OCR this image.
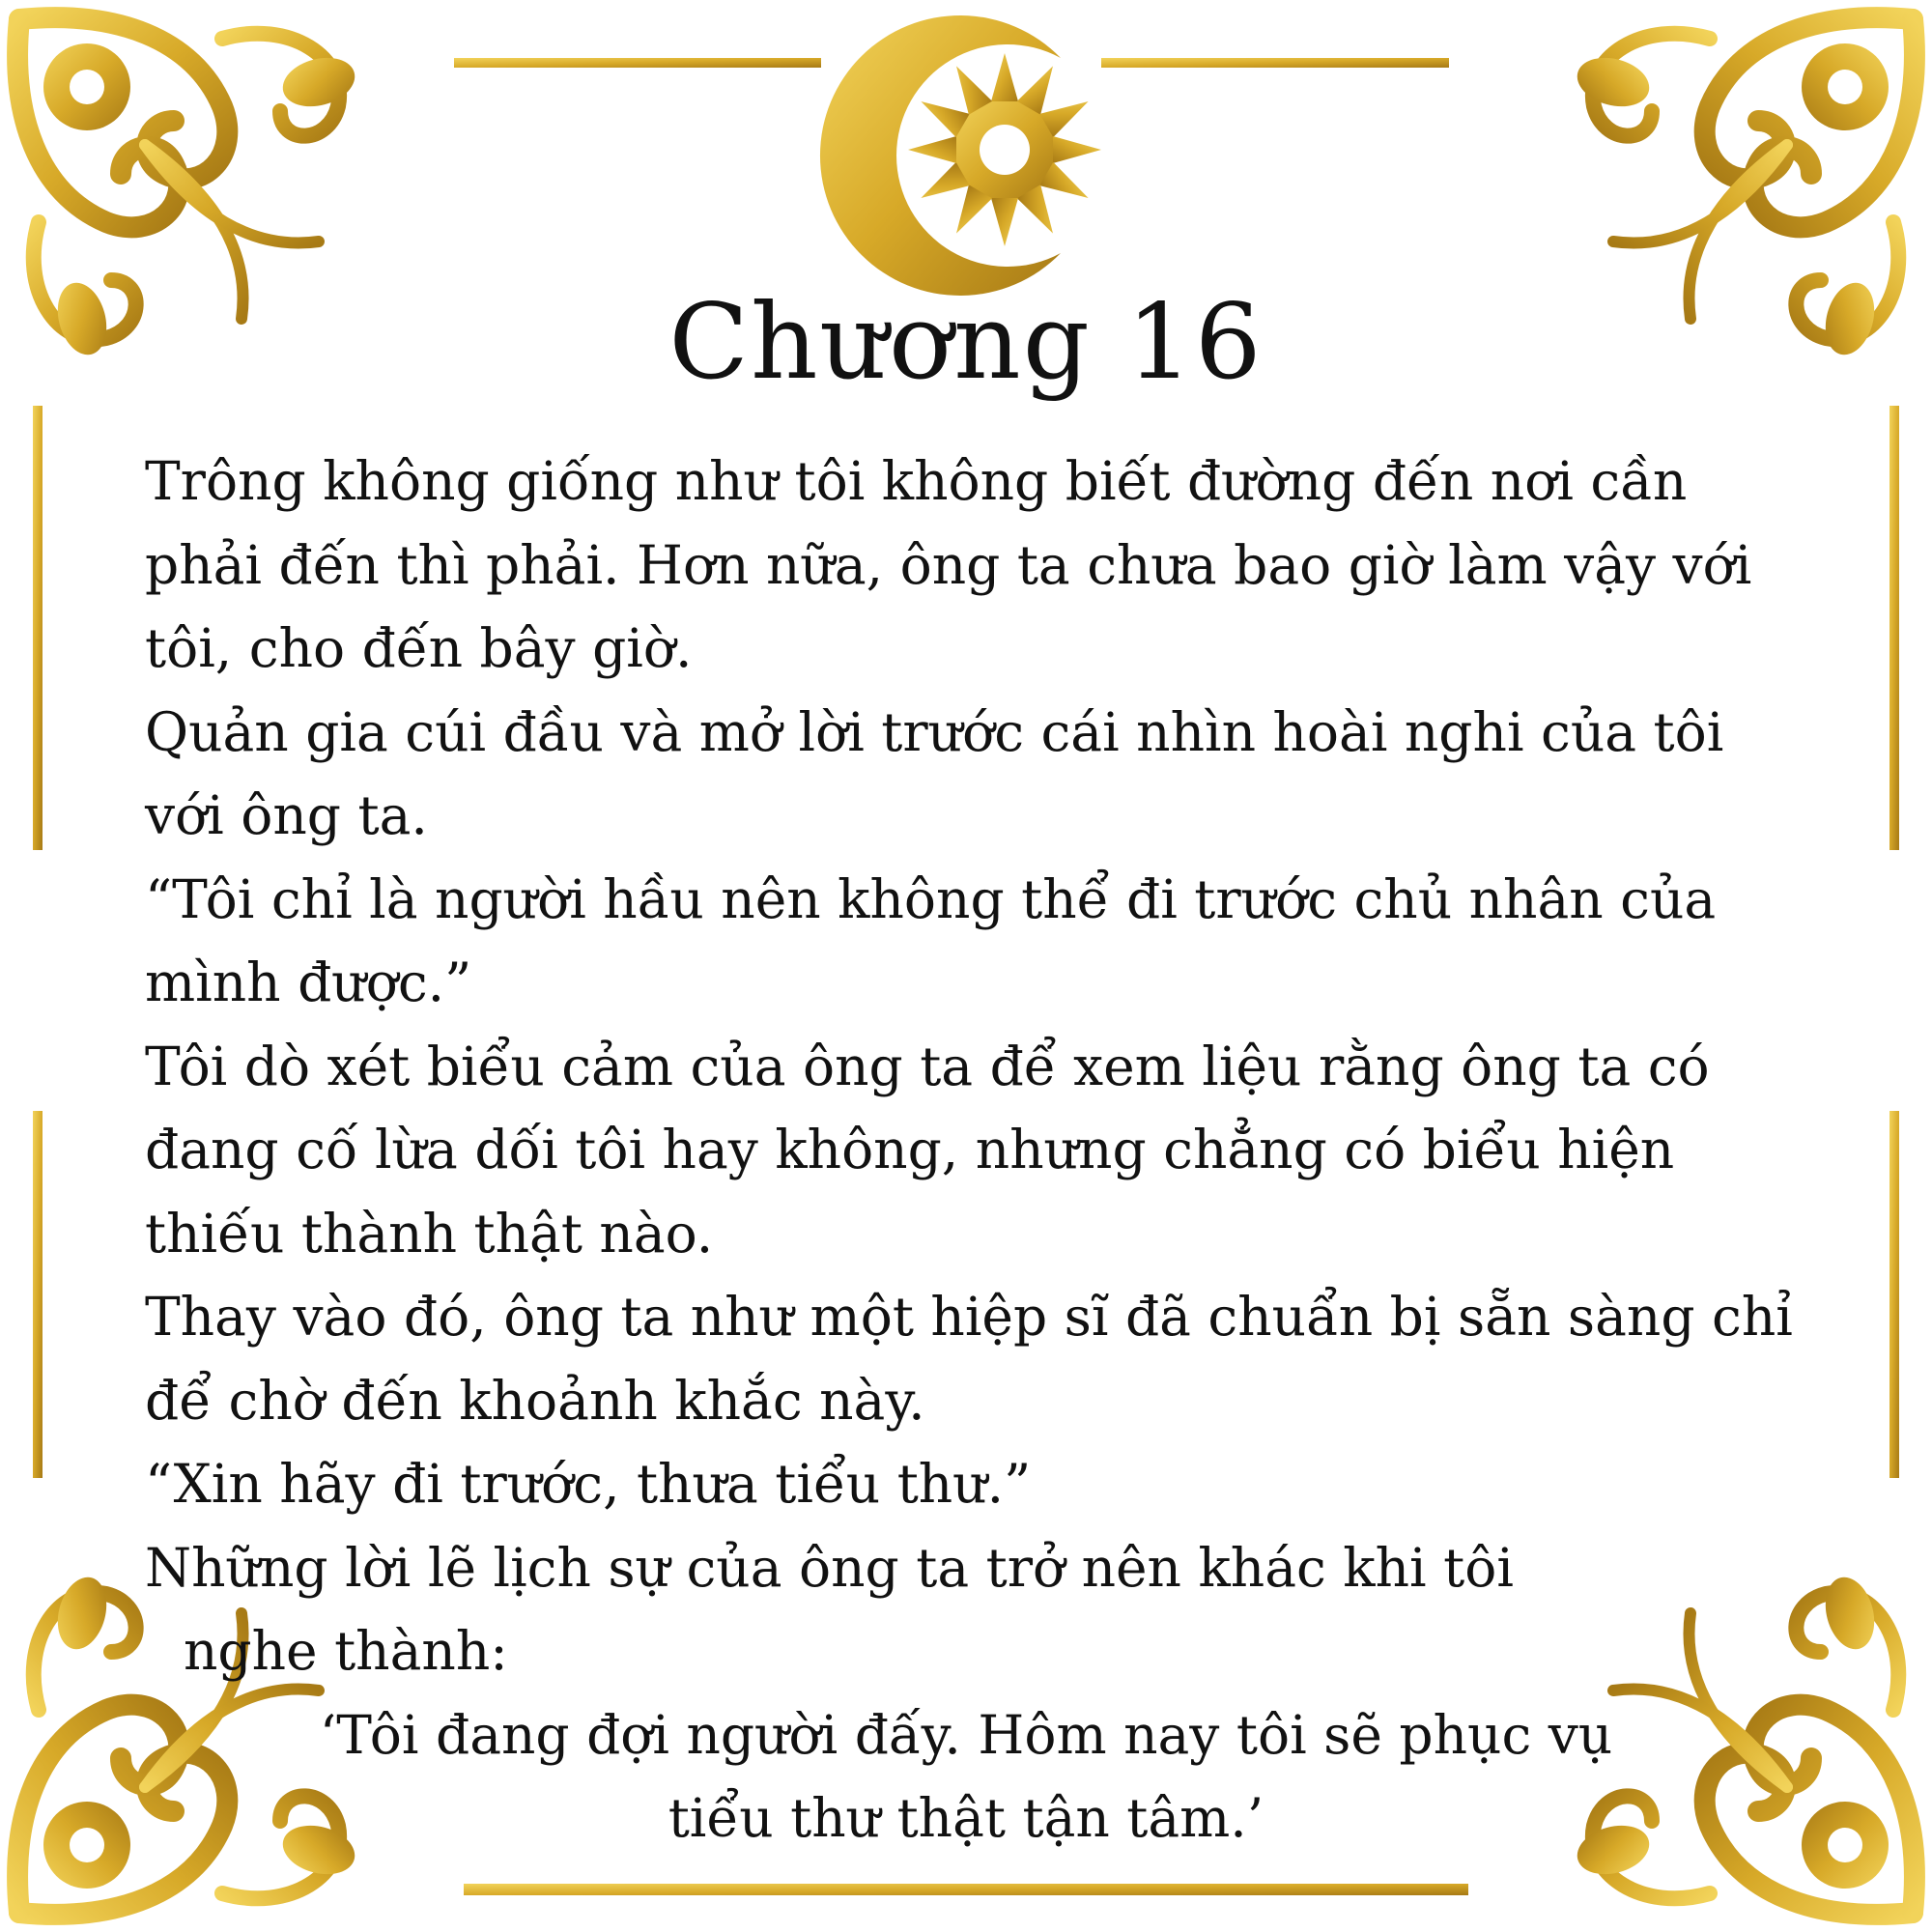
Chương 16
Trông không giống như tôi không biết đường đến nơi cần
phải đến thì phải. Hơn nữa, ông ta chưa bao giờ làm vậy với
tôi, cho đến bây giờ.
Quản gia cúi đầu và mở lời trước cái nhìn hoài nghi của tôi
với ông ta.
“Tôi chỉ là người hầu nên không thể đi trước chủ nhân của
mình được.”
Tôi dò xét biểu cảm của ông ta để xem liệu rằng ông ta có
đang cố lừa dối tôi hay không, nhưng chẳng có biểu hiện
thiếu thành thật nào.
Thay vào đó, ông ta như một hiệp sĩ đã chuẩn bị sẵn sàng chỉ
để chờ đến khoảnh khắc này.
“Xin hãy đi trước, thưa tiểu thư.”
Những lời lẽ lịch sự của ông ta trở nên khác khi tôi
nghe thành:
‘Tôi đang đợi người đấy. Hôm nay tôi sẽ phục vụ
tiểu thư thật tận tâm.’
